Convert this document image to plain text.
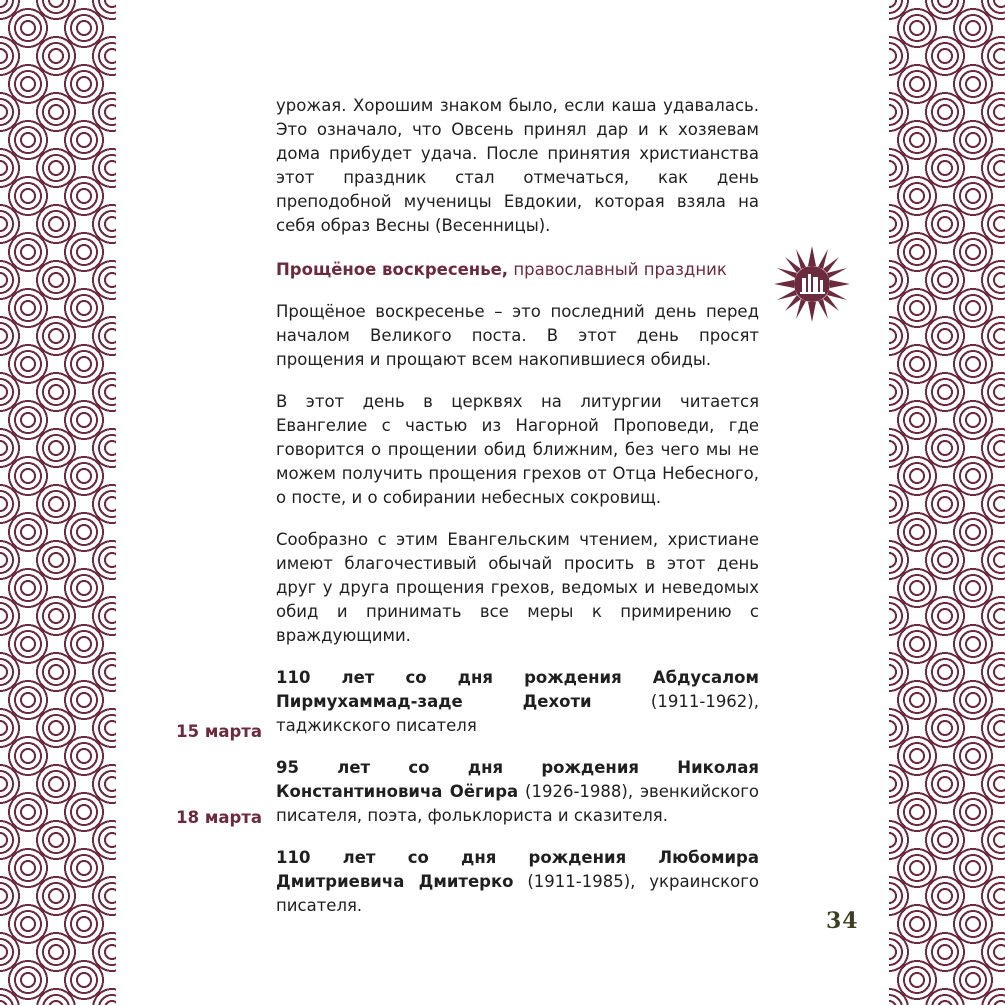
урожая. Хорошим знаком было, если каша удавалась. Это означало, что Овсень принял дар и к хозяевам дома прибудет удача. После принятия христианства этот праздник стал отмечаться, как день преподобной мученицы Евдокии, которая взяла на себя образ Весны (Весенницы).

Прощёное воскресенье, православный праздник

Прощёное воскресенье – это последний день перед началом Великого поста. В этот день просят прощения и прощают всем накопившиеся обиды.

В этот день в церквях на литургии читается Евангелие с частью из Нагорной Проповеди, где говорится о прощении обид ближним, без чего мы не можем получить прощения грехов от Отца Небесного, о посте, и о собирании небесных сокровищ.

Сообразно с этим Евангельским чтением, христиане имеют благочестивый обычай просить в этот день друг у друга прощения грехов, ведомых и неведомых обид и принимать все меры к примирению с враждующими.

110 лет со дня рождения Абдусалом Пирмухаммад-заде Дехоти (1911-1962), таджикского писателя

95 лет со дня рождения Николая Константиновича Оёгира (1926-1988), эвенкийского писателя, поэта, фольклориста и сказителя.

110 лет со дня рождения Любомира Дмитриевича Дмитерко (1911-1985), украинского писателя.

15 марта
18 марта
34
